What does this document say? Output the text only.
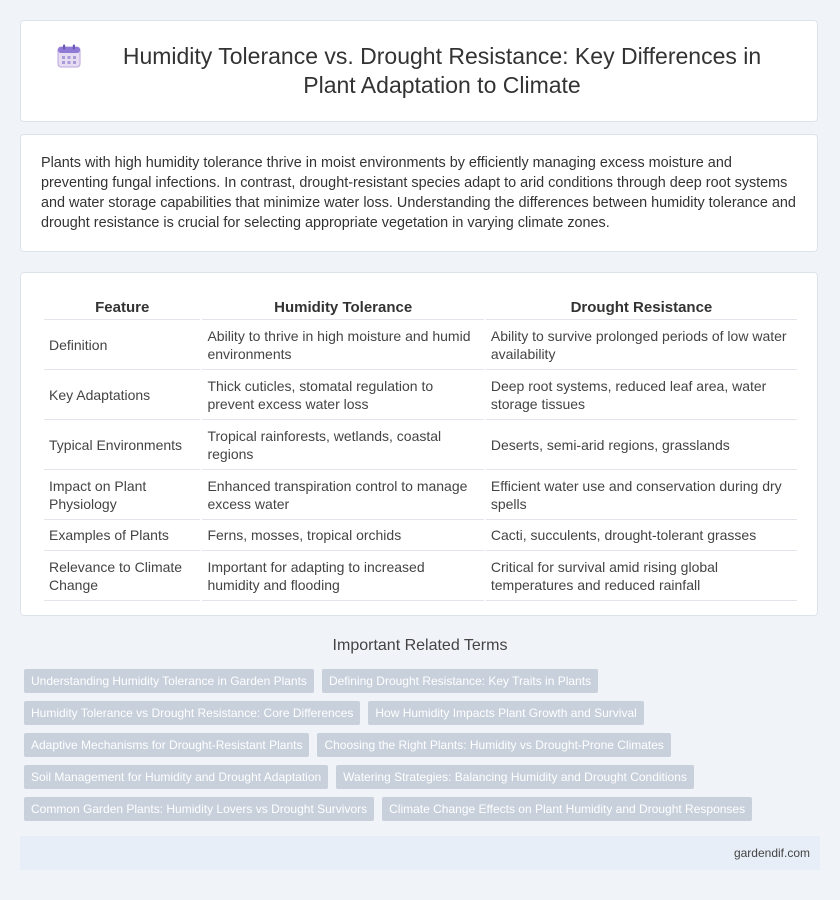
Humidity Tolerance vs. Drought Resistance: Key Differences in Plant Adaptation to Climate

Plants with high humidity tolerance thrive in moist environments by efficiently managing excess moisture and preventing fungal infections. In contrast, drought-resistant species adapt to arid conditions through deep root systems and water storage capabilities that minimize water loss. Understanding the differences between humidity tolerance and drought resistance is crucial for selecting appropriate vegetation in varying climate zones.

Feature	Humidity Tolerance	Drought Resistance
Definition	Ability to thrive in high moisture and humid environments	Ability to survive prolonged periods of low water availability
Key Adaptations	Thick cuticles, stomatal regulation to prevent excess water loss	Deep root systems, reduced leaf area, water storage tissues
Typical Environments	Tropical rainforests, wetlands, coastal regions	Deserts, semi-arid regions, grasslands
Impact on Plant Physiology	Enhanced transpiration control to manage excess water	Efficient water use and conservation during dry spells
Examples of Plants	Ferns, mosses, tropical orchids	Cacti, succulents, drought-tolerant grasses
Relevance to Climate Change	Important for adapting to increased humidity and flooding	Critical for survival amid rising global temperatures and reduced rainfall
Important Related Terms
Understanding Humidity Tolerance in Garden Plants	Defining Drought Resistance: Key Traits in Plants
Humidity Tolerance vs Drought Resistance: Core Differences	How Humidity Impacts Plant Growth and Survival
Adaptive Mechanisms for Drought-Resistant Plants	Choosing the Right Plants: Humidity vs Drought-Prone Climates
Soil Management for Humidity and Drought Adaptation	Watering Strategies: Balancing Humidity and Drought Conditions
Common Garden Plants: Humidity Lovers vs Drought Survivors	Climate Change Effects on Plant Humidity and Drought Responses
gardendif.com
